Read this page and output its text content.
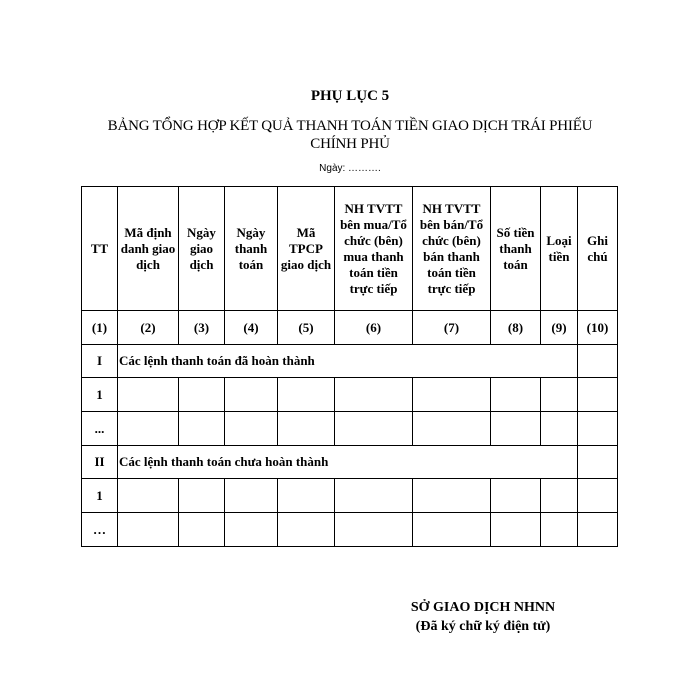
PHỤ LỤC 5
BẢNG TỔNG HỢP KẾT QUẢ THANH TOÁN TIỀN GIAO DỊCH TRÁI PHIẾU CHÍNH PHỦ
Ngày: ……….
TT	Mã định danh giao dịch	Ngày giao dịch	Ngày thanh toán	Mã TPCP giao dịch	NH TVTT bên mua/Tổ chức (bên) mua thanh toán tiền trực tiếp	NH TVTT bên bán/Tổ chức (bên) bán thanh toán tiền trực tiếp	Số tiền thanh toán	Loại tiền	Ghi chú
(1)	(2)	(3)	(4)	(5)	(6)	(7)	(8)	(9)	(10)
I	Các lệnh thanh toán đã hoàn thành								
1									
...									
II	Các lệnh thanh toán chưa hoàn thành								
1									
…									
SỞ GIAO DỊCH NHNN
(Đã ký chữ ký điện tử)
